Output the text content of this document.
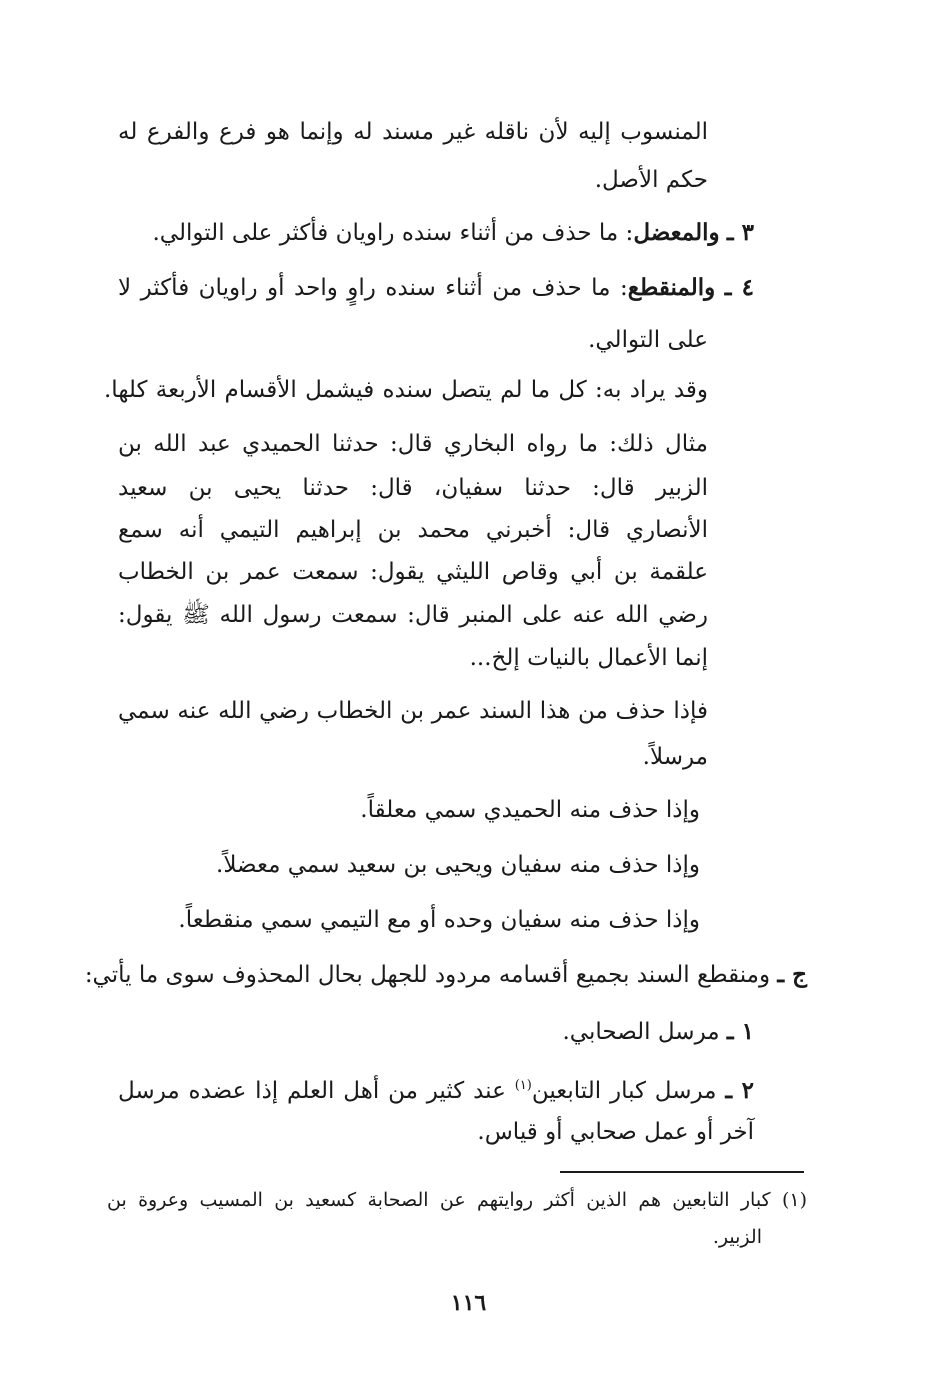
المنسوب إليه لأن ناقله غير مسند له وإنما هو فرع والفرع له
حكم الأصل.
٣ ـ والمعضل: ما حذف من أثناء سنده راويان فأكثر على التوالي.
٤ ـ والمنقطع: ما حذف من أثناء سنده راوٍ واحد أو راويان فأكثر لا
على التوالي.
وقد يراد به: كل ما لم يتصل سنده فيشمل الأقسام الأربعة كلها.
مثال ذلك: ما رواه البخاري قال: حدثنا الحميدي عبد الله بن
الزبير قال: حدثنا سفيان، قال: حدثنا يحيى بن سعيد
الأنصاري قال: أخبرني محمد بن إبراهيم التيمي أنه سمع
علقمة بن أبي وقاص الليثي يقول: سمعت عمر بن الخطاب
رضي الله عنه على المنبر قال: سمعت رسول الله ﷺ يقول:
إنما الأعمال بالنيات إلخ...
فإذا حذف من هذا السند عمر بن الخطاب رضي الله عنه سمي
مرسلاً.
وإذا حذف منه الحميدي سمي معلقاً.
وإذا حذف منه سفيان ويحيى بن سعيد سمي معضلاً.
وإذا حذف منه سفيان وحده أو مع التيمي سمي منقطعاً.
ج ـ ومنقطع السند بجميع أقسامه مردود للجهل بحال المحذوف سوى ما يأتي:
١ ـ مرسل الصحابي.
٢ ـ مرسل كبار التابعين$^{(١)}$ عند كثير من أهل العلم إذا عضده مرسل
آخر أو عمل صحابي أو قياس.
(١) كبار التابعين هم الذين أكثر روايتهم عن الصحابة كسعيد بن المسيب وعروة بن
الزبير.
١١٦
